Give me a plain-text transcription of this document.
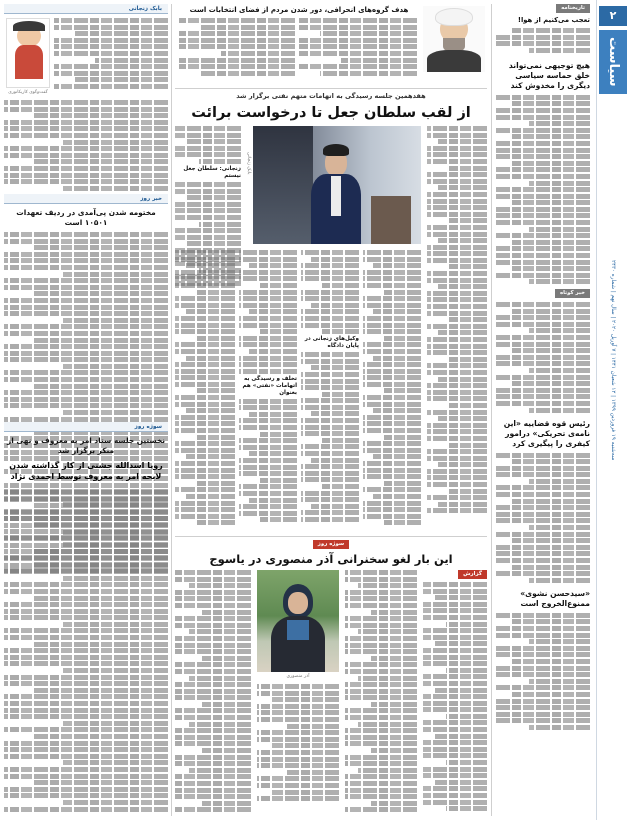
۲
سیاست
سه‌شنبه ۱۹ فروردین ۱۳۹۹ | ۱۲ شعبان ۱۴۴۱ | ۷ آوریل ۲۰۲۰ | سال نهم | شماره ۲۴۳۰
تاریخنامه
تعجب‌ می‌کنیم از هوا!
هیچ توجیهی نمی‌تواند خلق حماسه سیاسی دیگری را مخدوش کند
خبر کوتاه
رئیس قوه قضاییه «این نامه‌ی تحریکی» درامور کیفری را پیگیری کرد
«سیدحسن نشوی» ممنوع‌الخروج است
هدف گروه‌های انحرافی، دور شدن مردم از فضای انتخابات است
هفدهمین جلسه رسیدگی به اتهامات متهم نفتی برگزار شد
از لقب سلطان جعل تا درخواست برائت
بابک زنجانی
زنجانی: سلطان جعل نیستم
وکیل‌های زنجانی در پایان دادگاه
تخلف و رسیدگی به اتهامات «نفتی» هم بعنوان
سوژه روز
این بار لغو سخنرانی آذر منصوری در یاسوج
گزارش
آذر منصوری
بابک زنجانی
گفت‌وگوی کاریکاتوری
خبر روز
مختومه شدن پی‌آمدی در ردیف تعهدات ۱۰۵۰۱ است
سوژه روز
نخستین جلسه ستاد امر به معروف و نهی از منکر برگزار شد
رویا اسدالله جشنی از کار گذاشته شدن لابحه امر به معروف توسط احمدی نژاد
